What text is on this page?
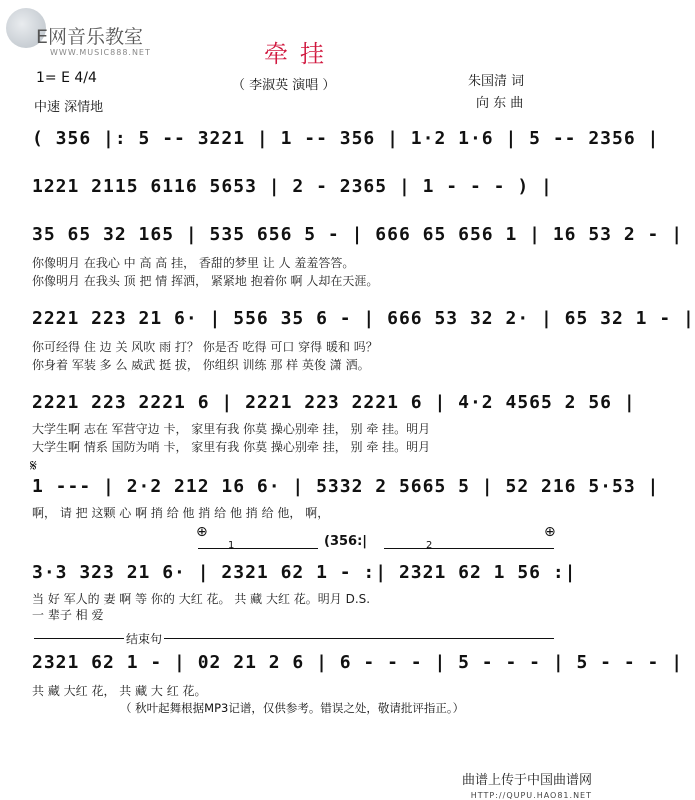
E网音乐教室
WWW.MUSIC888.NET	牵挂
1= E 4/4
中速 深情地
（ 李淑英 演唱 ）	朱国清 词
向 东 曲
( 356 |: 5 -- 3221 | 1 -- 356 | 1·2 1·6 | 5 -- 2356 |
1221 2115 6116 5653 | 2 - 2365 | 1 - - - ) |
35 65 32 165 | 535 656 5 - | 666 65 656 1 | 16 53 2 - |
你像明月 在我心 中 高 高 挂， 香甜的梦里 让 人 羞羞答答。
你像明月 在我头 顶 把 情 挥洒， 紧紧地 抱着你 啊 人却在天涯。
2221 223 21 6· | 556 35 6 - | 666 53 32 2· | 65 32 1 - |
你可经得 住 边 关 风吹 雨 打？ 你是否 吃得 可口 穿得 暖和 吗？
你身着 军装 多 么 威武 挺 拔， 你组织 训练 那 样 英俊 潇 洒。
2221 223 2221 6 | 2221 223 2221 6 | 4·2 4565 2 56 |
大学生啊 志在 军营守边 卡， 家里有我 你莫 操心别牵 挂， 别 牵 挂。明月
大学生啊 情系 国防为哨 卡， 家里有我 你莫 操心别牵 挂， 别 牵 挂。明月
𝄋
1 --- | 2·2 212 16 6· | 5332 2 5665 5 | 52 216 5·53 |
啊， 请 把 这颗 心 啊 捎 给 他 捎 给 他 捎 给 他， 啊，
⊕	⊕
(356:|
1	2
3·3 323 21 6· | 2321 62 1 - :| 2321 62 1 56 :|
当 好 军人的 妻 啊 等 你的 大红 花。 共 藏 大红 花。明月 D.S.
一 辈子 相 爱
结束句
2321 62 1 - | 02 21 2 6 | 6 - - - | 5 - - - | 5 - - - |
共 藏 大红 花， 共 藏 大 红 花。
（ 秋叶起舞根据MP3记谱，仅供参考。错误之处，敬请批评指正。）
曲谱上传于中国曲谱网
HTTP://QUPU.HAO81.NET
